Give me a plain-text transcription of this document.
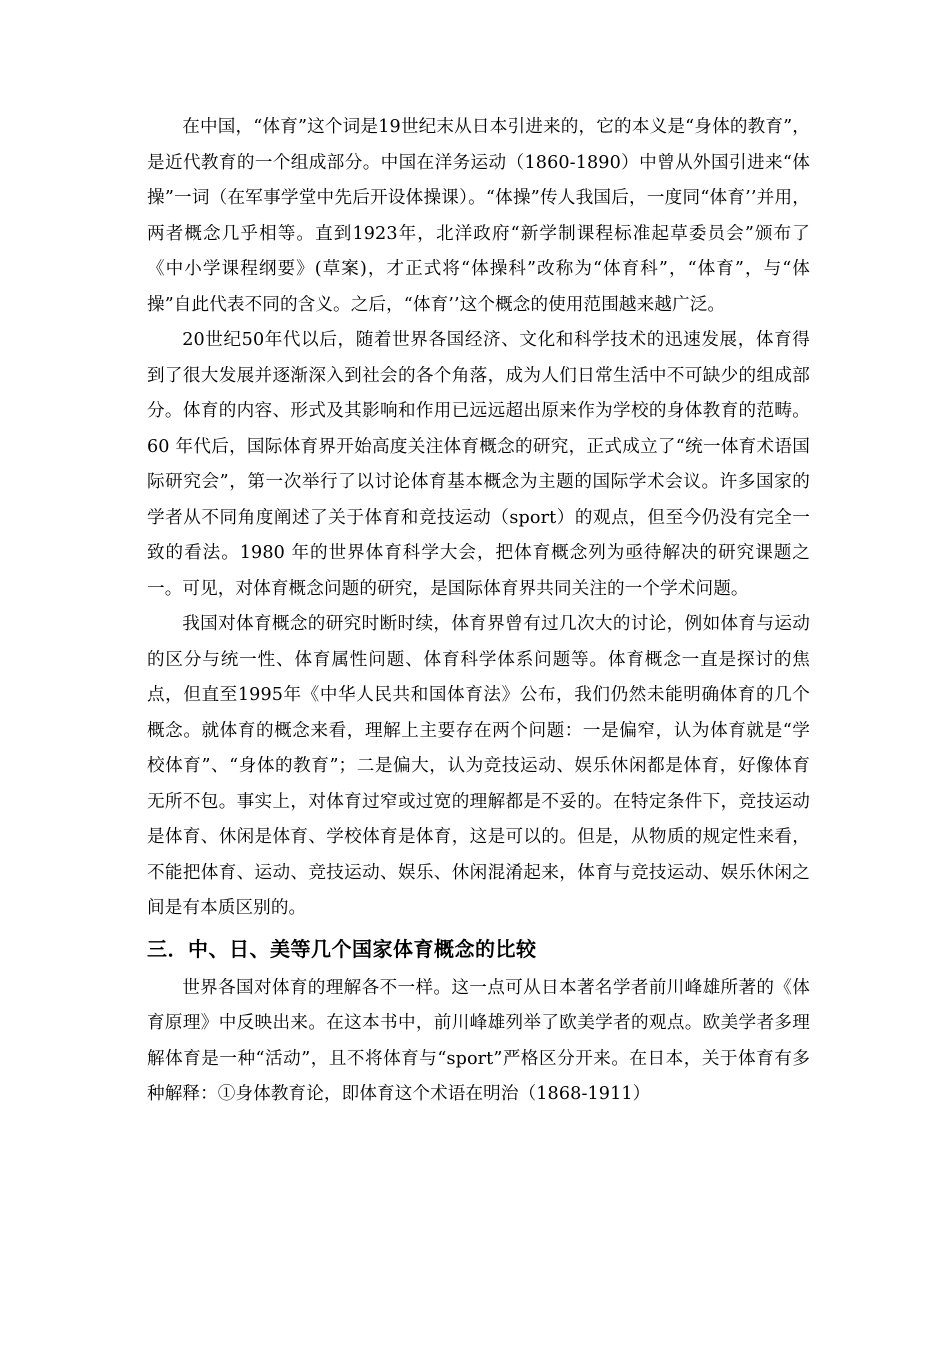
在中国，“体育”这个词是19世纪末从日本引进来的，它的本义是“身体的教育”，是近代教育的一个组成部分。中国在洋务运动（1860-1890）中曾从外国引进来“体操”一词（在军事学堂中先后开设体操课）。“体操”传人我国后，一度同“体育’’并用，两者概念几乎相等。直到1923年，北洋政府“新学制课程标准起草委员会”颁布了《中小学课程纲要》(草案)，才正式将“体操科”改称为“体育科”，“体育”，与“体操”自此代表不同的含义。之后，“体育’’这个概念的使用范围越来越广泛。

20世纪50年代以后，随着世界各国经济、文化和科学技术的迅速发展，体育得到了很大发展并逐渐深入到社会的各个角落，成为人们日常生活中不可缺少的组成部分。体育的内容、形式及其影响和作用已远远超出原来作为学校的身体教育的范畴。60 年代后，国际体育界开始高度关注体育概念的研究，正式成立了“统一体育术语国际研究会”，第一次举行了以讨论体育基本概念为主题的国际学术会议。许多国家的学者从不同角度阐述了关于体育和竞技运动（sport）的观点，但至今仍没有完全一致的看法。1980 年的世界体育科学大会，把体育概念列为亟待解决的研究课题之一。可见，对体育概念问题的研究，是国际体育界共同关注的一个学术问题。

我国对体育概念的研究时断时续，体育界曾有过几次大的讨论，例如体育与运动的区分与统一性、体育属性问题、体育科学体系问题等。体育概念一直是探讨的焦点，但直至1995年《中华人民共和国体育法》公布，我们仍然未能明确体育的几个概念。就体育的概念来看，理解上主要存在两个问题：一是偏窄，认为体育就是“学校体育”、“身体的教育”；二是偏大，认为竞技运动、娱乐休闲都是体育，好像体育无所不包。事实上，对体育过窄或过宽的理解都是不妥的。在特定条件下，竞技运动是体育、休闲是体育、学校体育是体育，这是可以的。但是，从物质的规定性来看，不能把体育、运动、竞技运动、娱乐、休闲混淆起来，体育与竞技运动、娱乐休闲之间是有本质区别的。

三．中、日、美等几个国家体育概念的比较

世界各国对体育的理解各不一样。这一点可从日本著名学者前川峰雄所著的《体育原理》中反映出来。在这本书中，前川峰雄列举了欧美学者的观点。欧美学者多理解体育是一种“活动”，且不将体育与“sport”严格区分开来。在日本，关于体育有多种解释：①身体教育论，即体育这个术语在明治（1868-1911）
